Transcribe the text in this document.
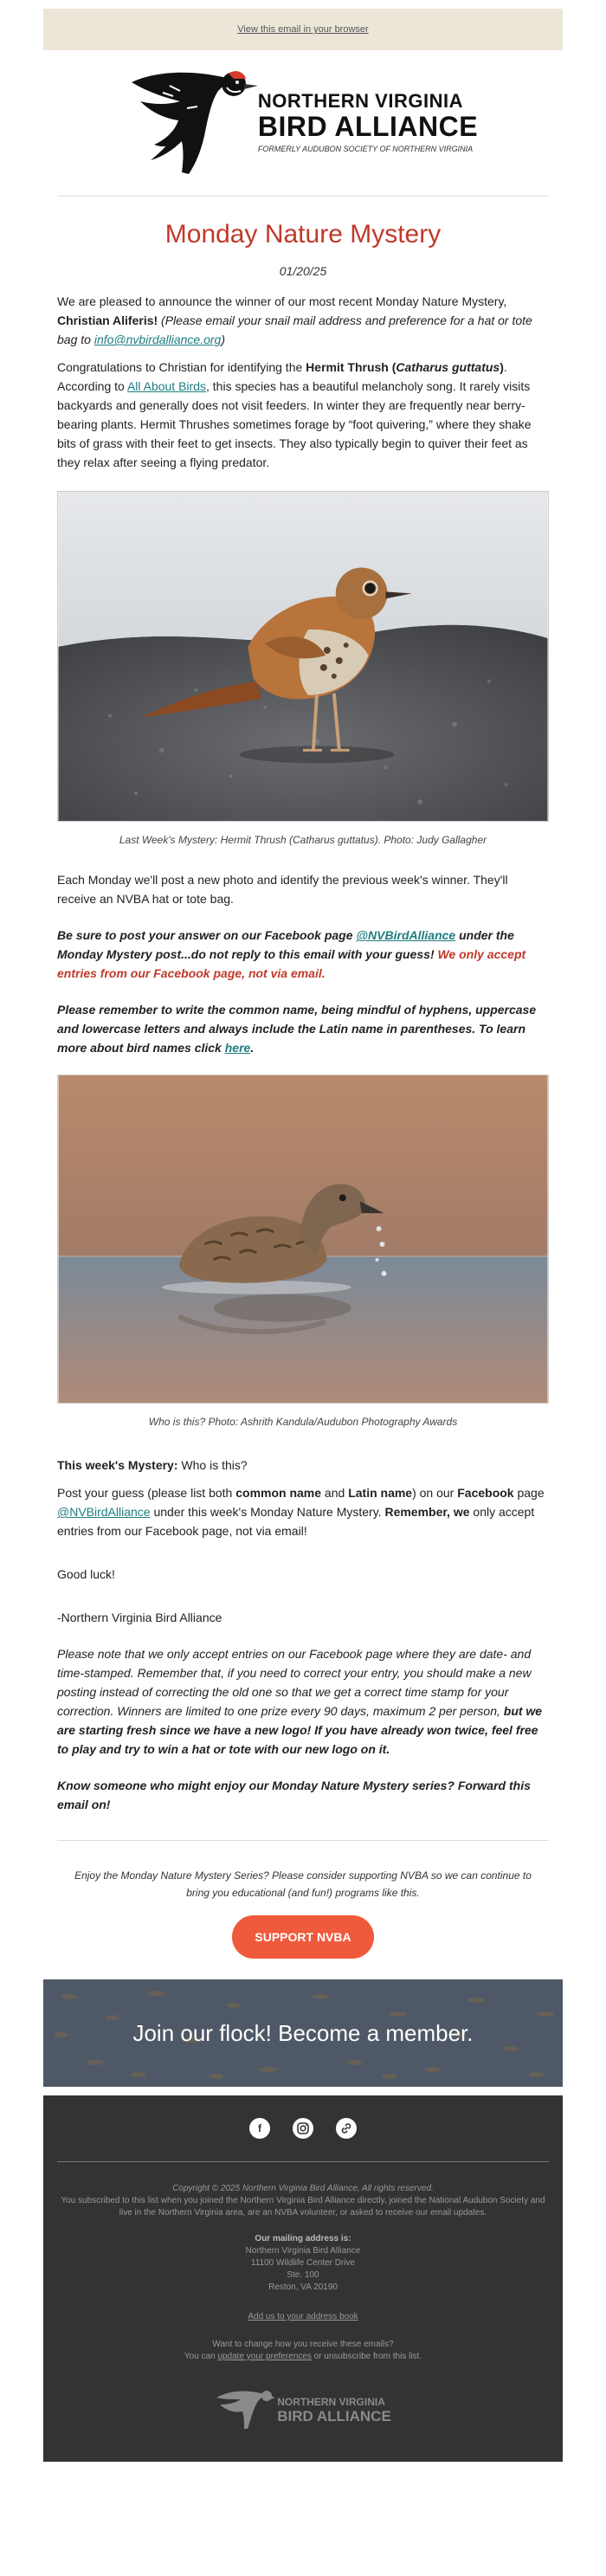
View this email in your browser
NORTHERN VIRGINIA
BIRD ALLIANCE
FORMERLY AUDUBON SOCIETY OF NORTHERN VIRGINIA
Monday Nature Mystery
01/20/25

We are pleased to announce the winner of our most recent Monday Nature Mystery, Christian Aliferis! (Please email your snail mail address and preference for a hat or tote bag to info@nvbirdalliance.org)

Congratulations to Christian for identifying the Hermit Thrush (Catharus guttatus). According to All About Birds, this species has a beautiful melancholy song. It rarely visits backyards and generally does not visit feeders. In winter they are frequently near berry-bearing plants. Hermit Thrushes sometimes forage by “foot quivering,” where they shake bits of grass with their feet to get insects. They also typically begin to quiver their feet as they relax after seeing a flying predator.

Last Week's Mystery: Hermit Thrush (Catharus guttatus). Photo: Judy Gallagher

Each Monday we'll post a new photo and identify the previous week's winner. They'll receive an NVBA hat or tote bag.

Be sure to post your answer on our Facebook page @NVBirdAlliance under the Monday Mystery post...do not reply to this email with your guess! We only accept entries from our Facebook page, not via email.

Please remember to write the common name, being mindful of hyphens, uppercase and lowercase letters and always include the Latin name in parentheses. To learn more about bird names click here.

Who is this? Photo: Ashrith Kandula/Audubon Photography Awards

This week's Mystery: Who is this?

Post your guess (please list both common name and Latin name) on our Facebook page @NVBirdAlliance under this week's Monday Nature Mystery. Remember, we only accept entries from our Facebook page, not via email!

Good luck!

-Northern Virginia Bird Alliance

Please note that we only accept entries on our Facebook page where they are date- and time-stamped. Remember that, if you need to correct your entry, you should make a new posting instead of correcting the old one so that we get a correct time stamp for your correction. Winners are limited to one prize every 90 days, maximum 2 per person, but we are starting fresh since we have a new logo! If you have already won twice, feel free to play and try to win a hat or tote with our new logo on it.

Know someone who might enjoy our Monday Nature Mystery series? Forward this email on!

Enjoy the Monday Nature Mystery Series? Please consider supporting NVBA so we can continue to bring you educational (and fun!) programs like this.
SUPPORT NVBA
Join our flock! Become a member.
f
Copyright © 2025 Northern Virginia Bird Alliance, All rights reserved.
You subscribed to this list when you joined the Northern Virginia Bird Alliance directly, joined the National Audubon Society and live in the Northern Virginia area, are an NVBA volunteer, or asked to receive our email updates.
Our mailing address is:
Northern Virginia Bird Alliance
11100 Wildlife Center Drive
Ste. 100
Reston, VA 20190
Add us to your address book
Want to change how you receive these emails?
You can update your preferences or unsubscribe from this list.
NORTHERN VIRGINIA
BIRD ALLIANCE
